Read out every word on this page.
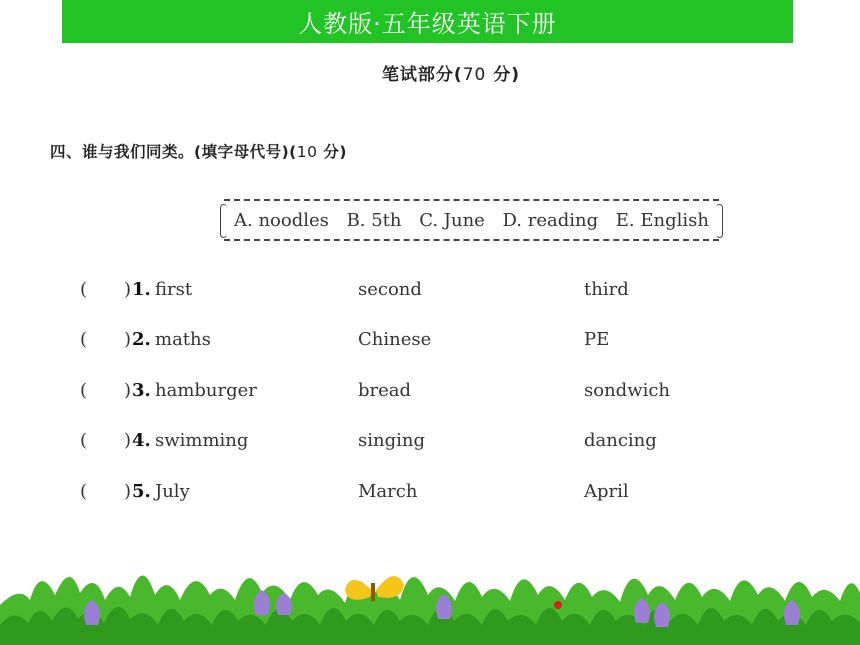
人教版·五年级英语下册
笔试部分(70 分)
四、谁与我们同类。(填字母代号)(10 分)
A. noodles B. 5th C. June D. reading E. English
( ) 1. first	second	third
( ) 2. maths	Chinese	PE
( ) 3. hamburger	bread	sondwich
( ) 4. swimming	singing	dancing
( ) 5. July	March	April
